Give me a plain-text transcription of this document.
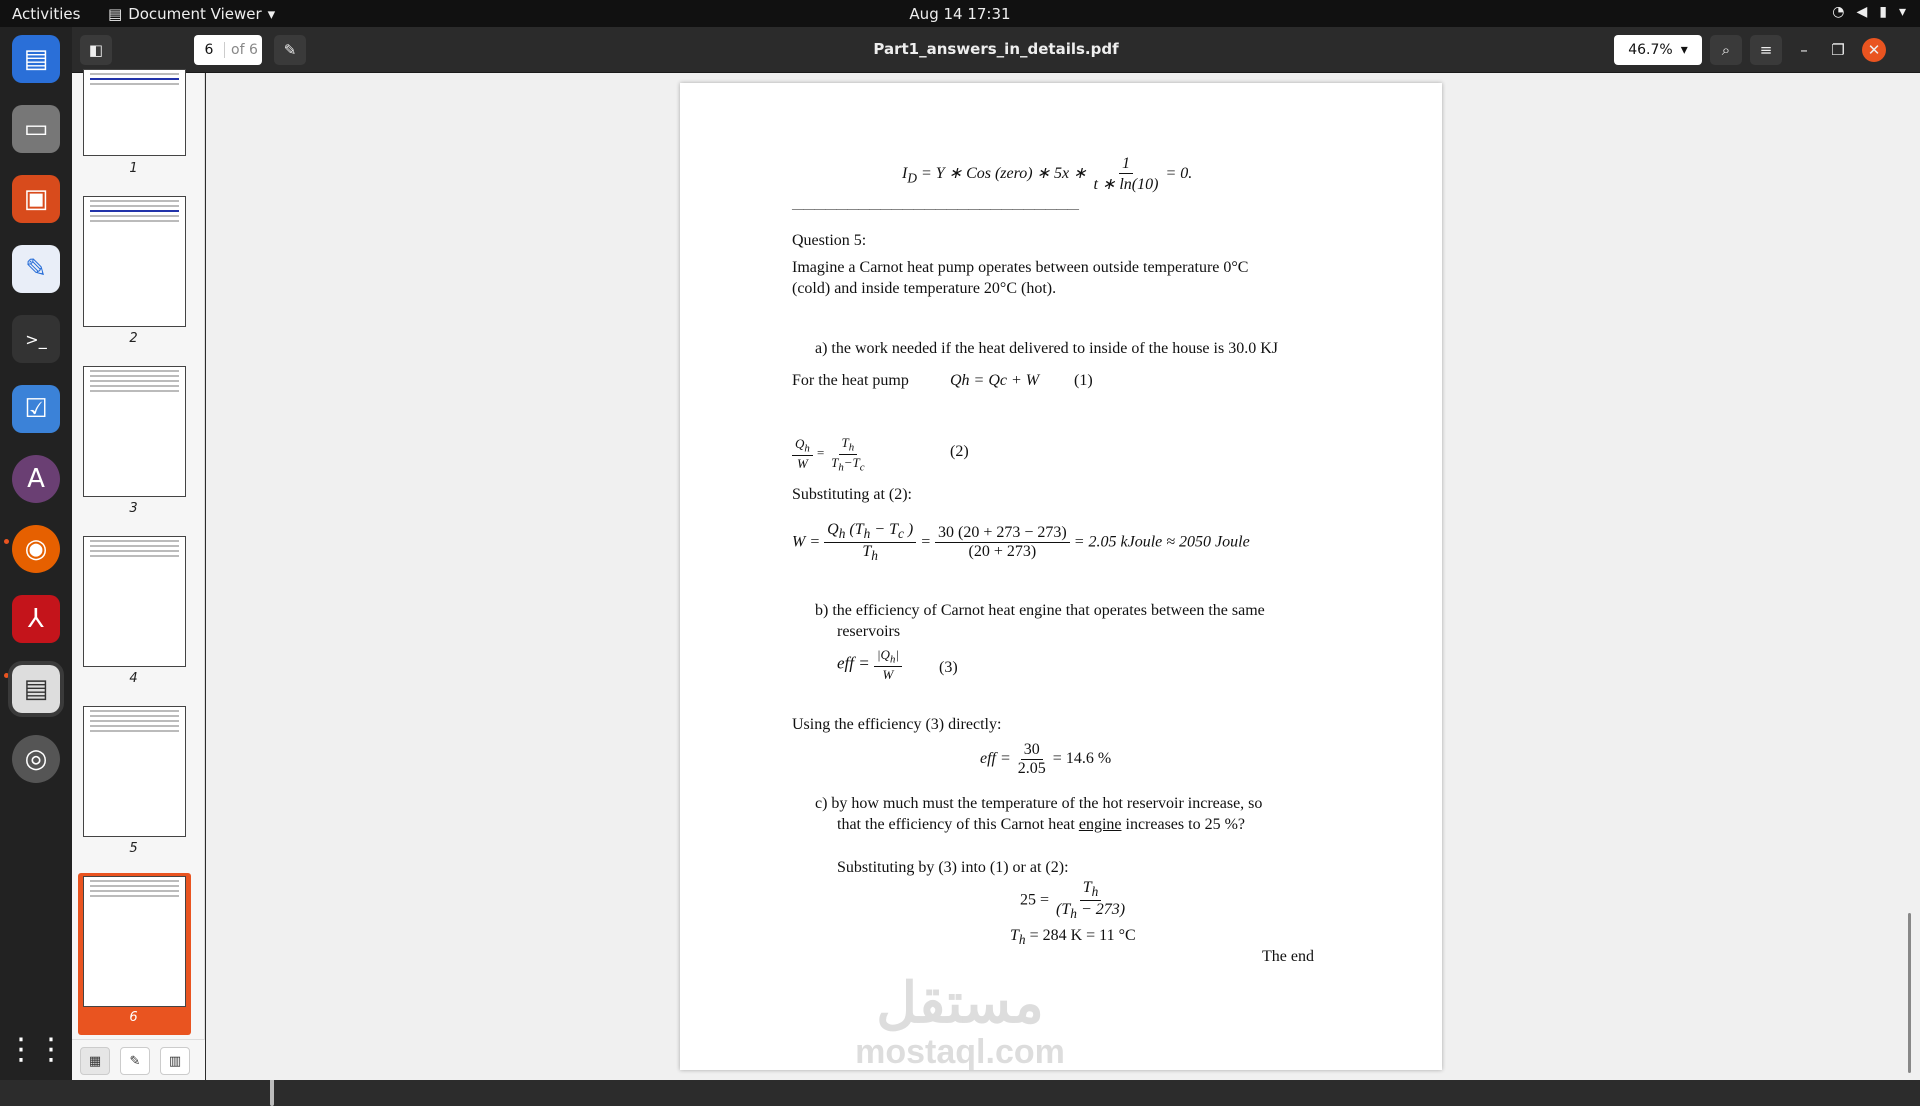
Activities ▤ Document Viewer ▾	Aug 14 17:31	◔ ◀ ▮ ▾
▤
▭
▣
✎
>_
☑
A
◉
⅄
▤
◎
⋮⋮
◧	6	of 6 ✎	Part1_answers_in_details.pdf	46.7% ▾ ⌕ ≡ – ❐ ✕
1
2
3
4
5
6
▦ ✎ ▥
$I_D = Y$ ∗ Cos (zero) ∗ 5x ∗ $\frac{1}{t ∗ \ln(10)} = 0$.
——————————————————————————
Question 5:
Imagine a Carnot heat pump operates between outside temperature 0°C
(cold) and inside temperature 20°C (hot).
a) the work needed if the heat delivered to inside of the house is 30.0 KJ
For the heat pump	Qh = Qc + W (1)
$\frac{Q_h}{W} = \frac{T_h}{T_h-T_c}$	(2)
Substituting at (2):
$W = \frac{Q_h (T_h - T_c )}{T_h} = \frac{30 (20 + 273 - 273)}{(20 + 273)} = 2.05$ kJoule ≈ 2050 Joule
b) the efficiency of Carnot heat engine that operates between the same
reservoirs
eff = $\frac{|Q_h|}{W} (3)$
Using the efficiency (3) directly:
eff = $\frac{30}{2.05} = 14.6$ %
c) by how much must the temperature of the hot reservoir increase, so
that the efficiency of this Carnot heat engine increases to 25 %?
Substituting by (3) into (1) or at (2):
$25 = \frac{T_h}{(T_h - 273)}$
$T_h = 284$ K = 11 °C
The end
مستقل
mostaql.com
